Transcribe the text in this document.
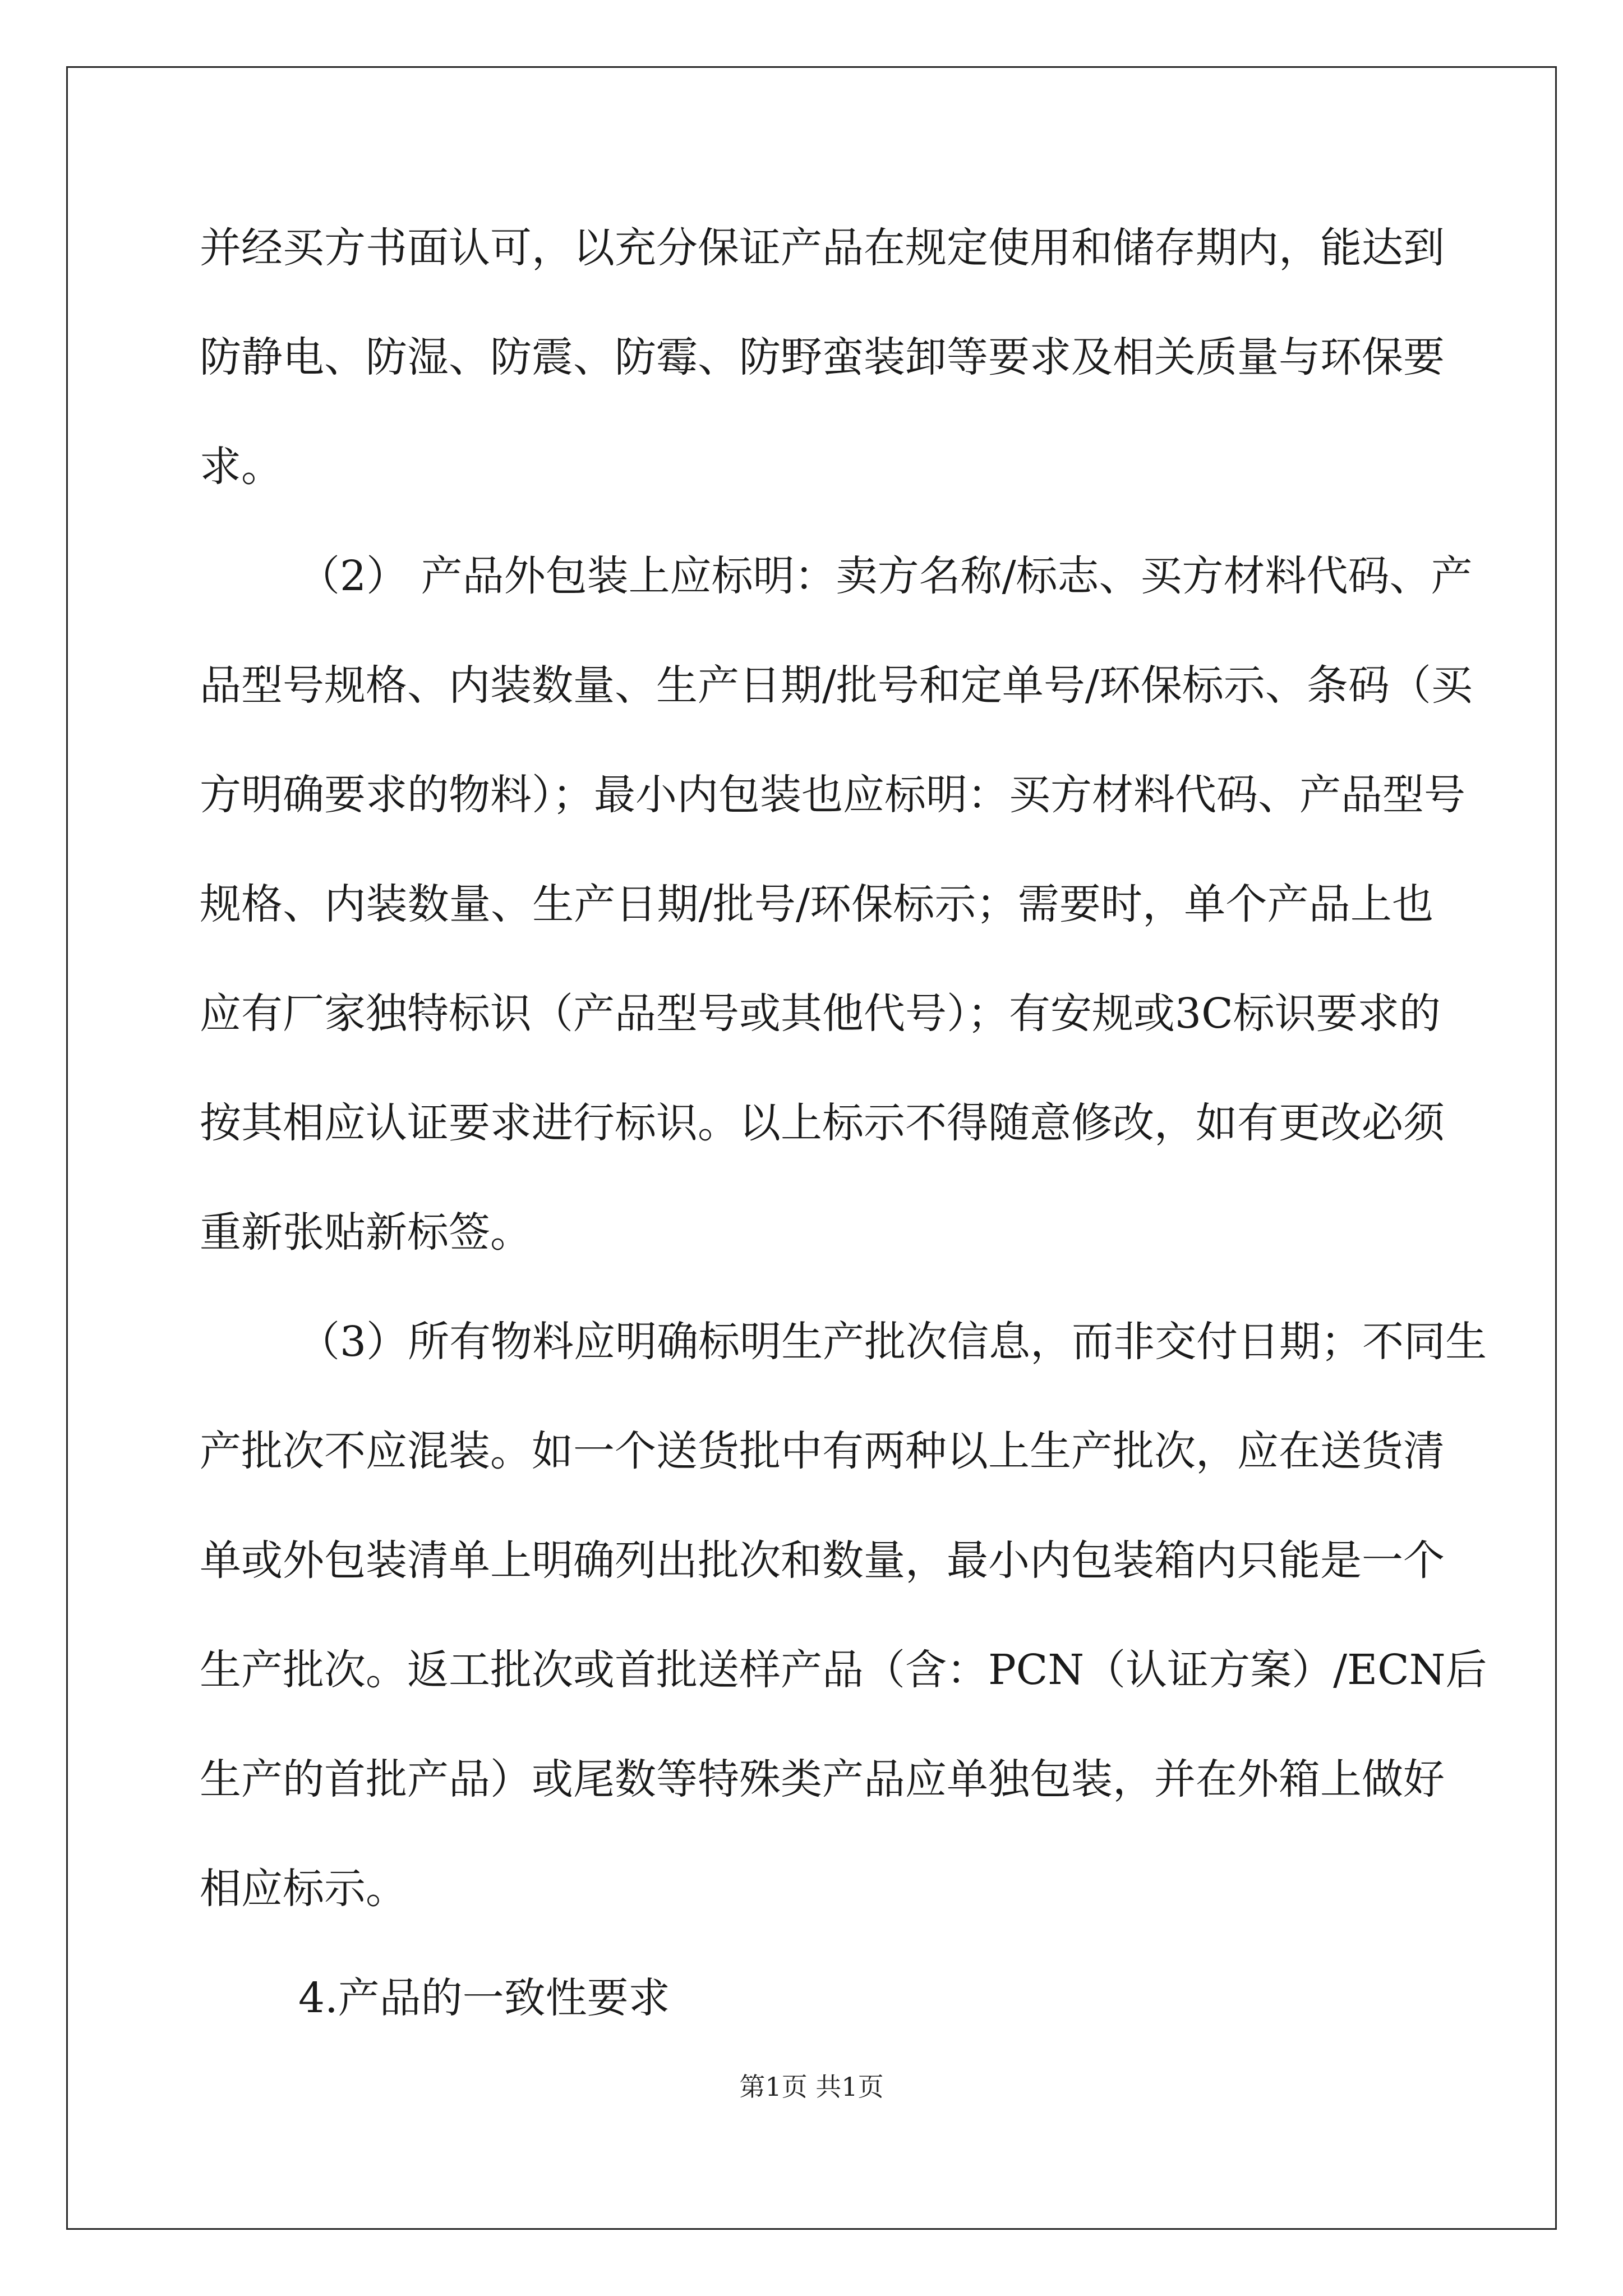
并经买方书面认可，以充分保证产品在规定使用和储存期内，能达到
防静电、防湿、防震、防霉、防野蛮装卸等要求及相关质量与环保要
求。
（2） 产品外包装上应标明：卖方名称/标志、买方材料代码、产
品型号规格、内装数量、生产日期/批号和定单号/环保标示、条码（买
方明确要求的物料）；最小内包装也应标明：买方材料代码、产品型号
规格、内装数量、生产日期/批号/环保标示；需要时，单个产品上也
应有厂家独特标识（产品型号或其他代号）；有安规或3C标识要求的
按其相应认证要求进行标识。以上标示不得随意修改，如有更改必须
重新张贴新标签。
（3）所有物料应明确标明生产批次信息，而非交付日期；不同生
产批次不应混装。如一个送货批中有两种以上生产批次，应在送货清
单或外包装清单上明确列出批次和数量，最小内包装箱内只能是一个
生产批次。返工批次或首批送样产品（含：PCN（认证方案）/ECN后
生产的首批产品）或尾数等特殊类产品应单独包装，并在外箱上做好
相应标示。
4.产品的一致性要求
第1页 共1页
